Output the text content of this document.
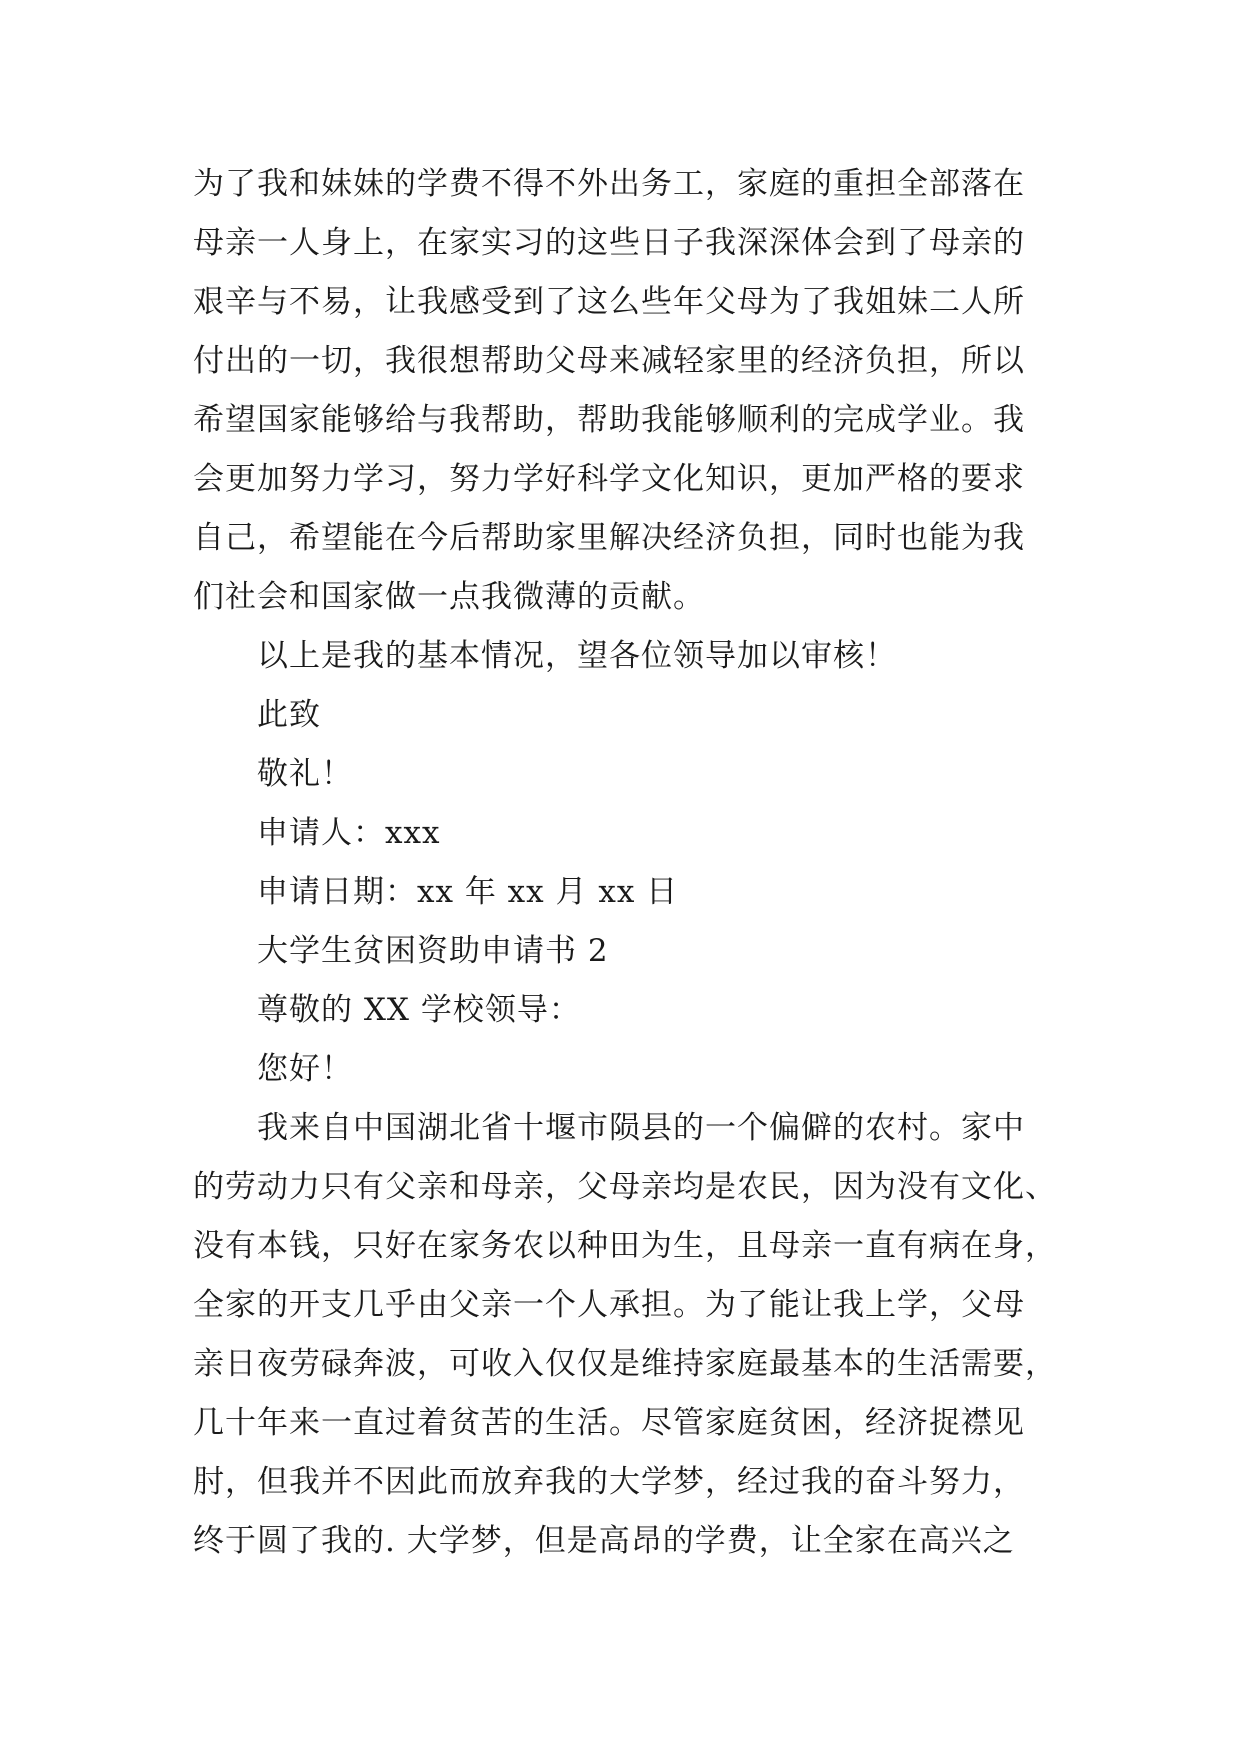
为了我和妹妹的学费不得不外出务工，家庭的重担全部落在
母亲一人身上，在家实习的这些日子我深深体会到了母亲的
艰辛与不易，让我感受到了这么些年父母为了我姐妹二人所
付出的一切，我很想帮助父母来减轻家里的经济负担，所以
希望国家能够给与我帮助，帮助我能够顺利的完成学业。我
会更加努力学习，努力学好科学文化知识，更加严格的要求
自己，希望能在今后帮助家里解决经济负担，同时也能为我
们社会和国家做一点我微薄的贡献。
以上是我的基本情况，望各位领导加以审核！
此致
敬礼！
申请人：xxx
申请日期：xx 年 xx 月 xx 日
大学生贫困资助申请书 2
尊敬的 XX 学校领导：
您好！
我来自中国湖北省十堰市陨县的一个偏僻的农村。家中
的劳动力只有父亲和母亲，父母亲均是农民，因为没有文化、
没有本钱，只好在家务农以种田为生，且母亲一直有病在身，
全家的开支几乎由父亲一个人承担。为了能让我上学，父母
亲日夜劳碌奔波，可收入仅仅是维持家庭最基本的生活需要，
几十年来一直过着贫苦的生活。尽管家庭贫困，经济捉襟见
肘，但我并不因此而放弃我的大学梦，经过我的奋斗努力，
终于圆了我的. 大学梦，但是高昂的学费，让全家在高兴之
